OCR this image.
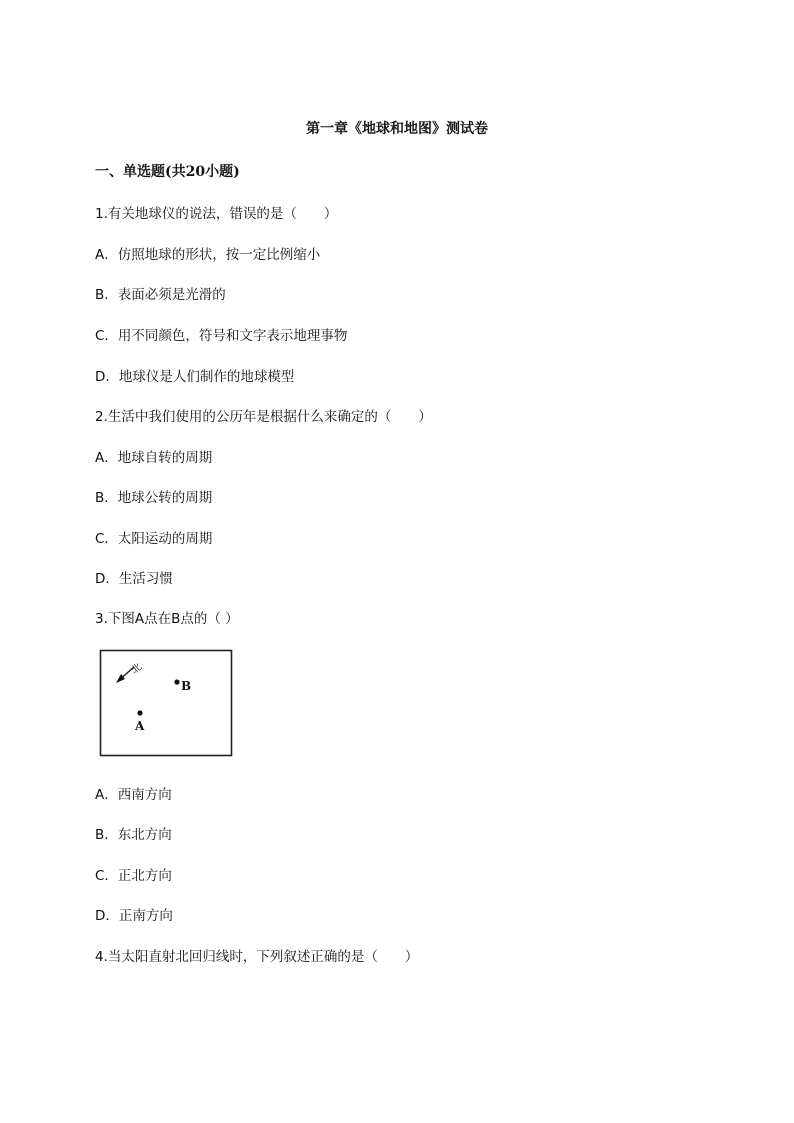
第一章《地球和地图》测试卷
一、单选题(共20小题)
1.有关地球仪的说法，错误的是（　　）
A．仿照地球的形状，按一定比例缩小
B．表面必须是光滑的
C．用不同颜色，符号和文字表示地理事物
D．地球仪是人们制作的地球模型
2.生活中我们使用的公历年是根据什么来确定的（　　）
A．地球自转的周期
B．地球公转的周期
C．太阳运动的周期
D．生活习惯
3.下图A点在B点的（ ）
北
B
A
A．西南方向
B．东北方向
C．正北方向
D．正南方向
4.当太阳直射北回归线时，下列叙述正确的是（　　）
